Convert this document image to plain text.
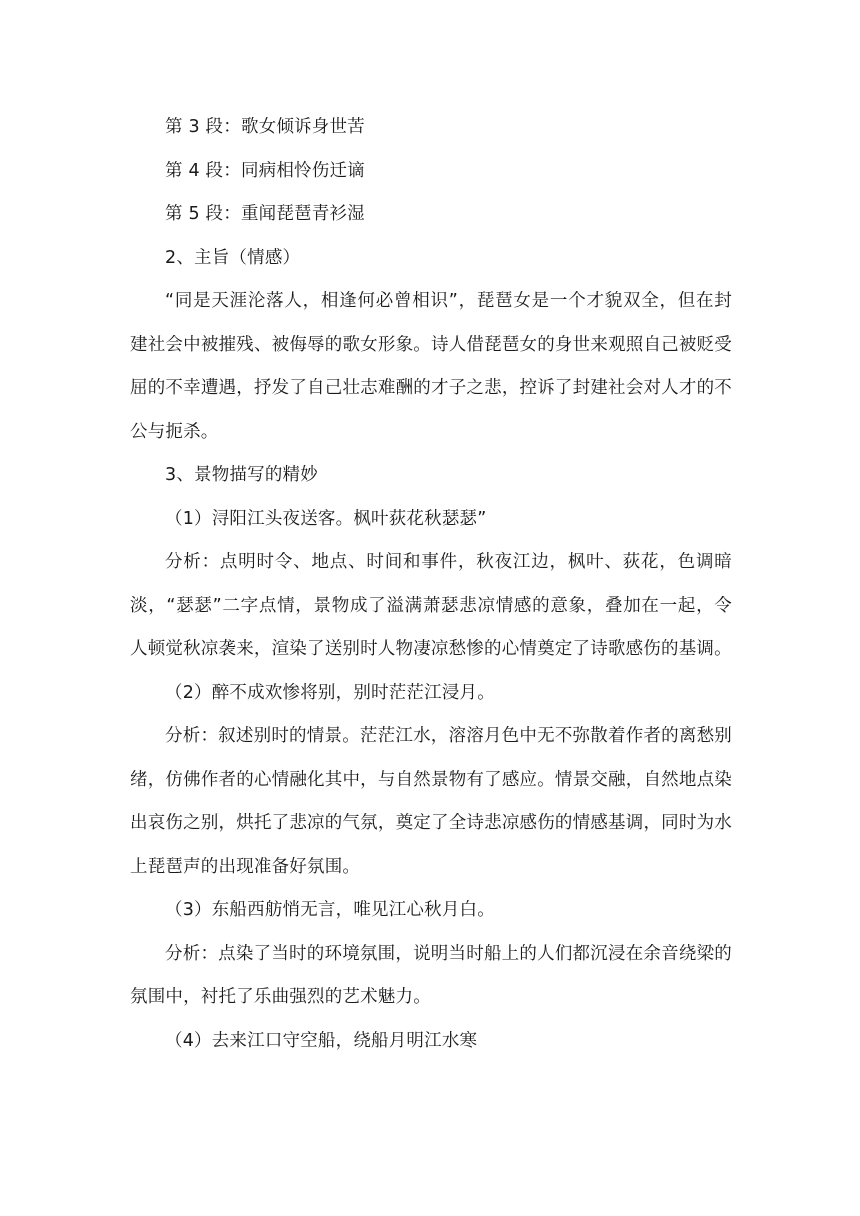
第 3 段：歌女倾诉身世苦

第 4 段：同病相怜伤迁谪

第 5 段：重闻琵琶青衫湿

2、主旨（情感）

“同是天涯沦落人，相逢何必曾相识”，琵琶女是一个才貌双全，但在封建社会中被摧残、被侮辱的歌女形象。诗人借琵琶女的身世来观照自己被贬受屈的不幸遭遇，抒发了自己壮志难酬的才子之悲，控诉了封建社会对人才的不公与扼杀。

3、景物描写的精妙

（1）浔阳江头夜送客。枫叶荻花秋瑟瑟”

分析：点明时令、地点、时间和事件，秋夜江边，枫叶、荻花，色调暗淡，“瑟瑟”二字点情，景物成了溢满萧瑟悲凉情感的意象，叠加在一起，令人顿觉秋凉袭来，渲染了送别时人物凄凉愁惨的心情奠定了诗歌感伤的基调。

（2）醉不成欢惨将别，别时茫茫江浸月。

分析：叙述别时的情景。茫茫江水，溶溶月色中无不弥散着作者的离愁别绪，仿佛作者的心情融化其中，与自然景物有了感应。情景交融，自然地点染出哀伤之别，烘托了悲凉的气氛，奠定了全诗悲凉感伤的情感基调，同时为水上琵琶声的出现准备好氛围。

（3）东船西舫悄无言，唯见江心秋月白。

分析：点染了当时的环境氛围，说明当时船上的人们都沉浸在余音绕梁的氛围中，衬托了乐曲强烈的艺术魅力。

（4）去来江口守空船，绕船月明江水寒
